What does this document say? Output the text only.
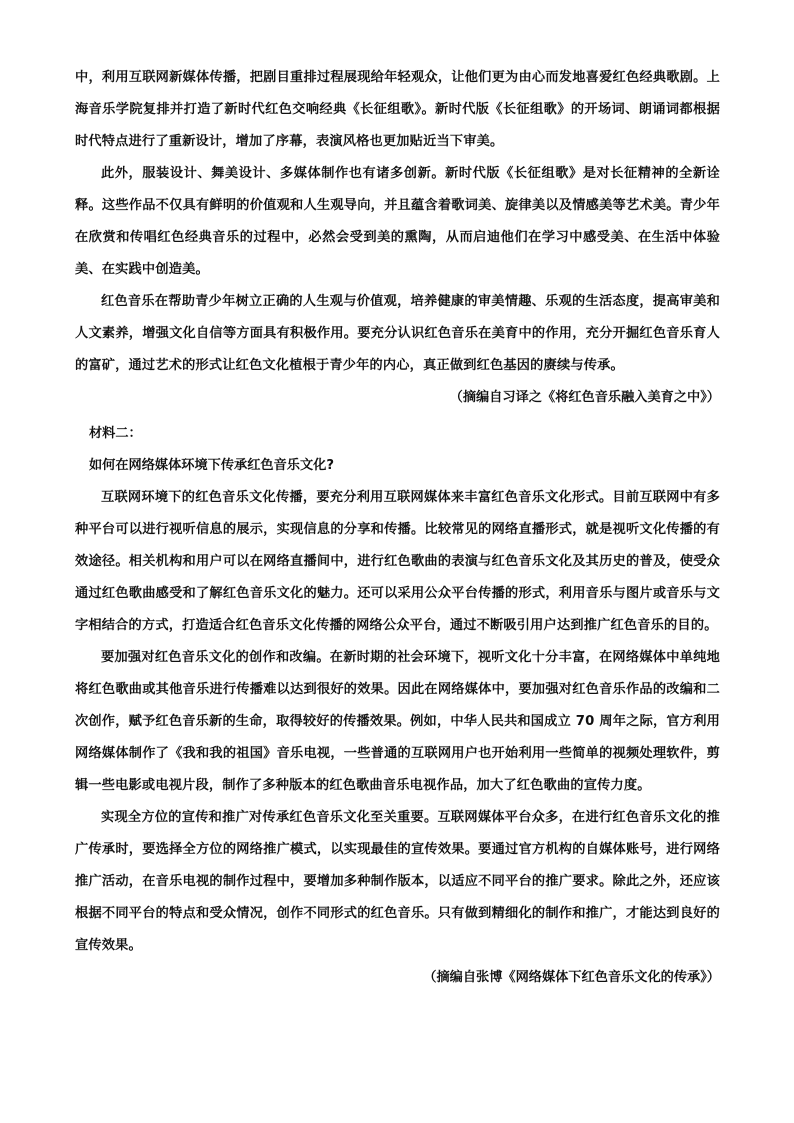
中，利用互联网新媒体传播，把剧目重排过程展现给年轻观众，让他们更为由心而发地喜爱红色经典歌剧。上海音乐学院复排并打造了新时代红色交响经典《长征组歌》。新时代版《长征组歌》的开场词、朗诵词都根据时代特点进行了重新设计，增加了序幕，表演风格也更加贴近当下审美。

此外，服装设计、舞美设计、多媒体制作也有诸多创新。新时代版《长征组歌》是对长征精神的全新诠释。这些作品不仅具有鲜明的价值观和人生观导向，并且蕴含着歌词美、旋律美以及情感美等艺术美。青少年在欣赏和传唱红色经典音乐的过程中，必然会受到美的熏陶，从而启迪他们在学习中感受美、在生活中体验美、在实践中创造美。

红色音乐在帮助青少年树立正确的人生观与价值观，培养健康的审美情趣、乐观的生活态度，提高审美和人文素养，增强文化自信等方面具有积极作用。要充分认识红色音乐在美育中的作用，充分开掘红色音乐育人的富矿，通过艺术的形式让红色文化植根于青少年的内心，真正做到红色基因的赓续与传承。

（摘编自习译之《将红色音乐融入美育之中》）

材料二：

如何在网络媒体环境下传承红色音乐文化?

互联网环境下的红色音乐文化传播，要充分利用互联网媒体来丰富红色音乐文化形式。目前互联网中有多种平台可以进行视听信息的展示，实现信息的分享和传播。比较常见的网络直播形式，就是视听文化传播的有效途径。相关机构和用户可以在网络直播间中，进行红色歌曲的表演与红色音乐文化及其历史的普及，使受众通过红色歌曲感受和了解红色音乐文化的魅力。还可以采用公众平台传播的形式，利用音乐与图片或音乐与文字相结合的方式，打造适合红色音乐文化传播的网络公众平台，通过不断吸引用户达到推广红色音乐的目的。

要加强对红色音乐文化的创作和改编。在新时期的社会环境下，视听文化十分丰富，在网络媒体中单纯地将红色歌曲或其他音乐进行传播难以达到很好的效果。因此在网络媒体中，要加强对红色音乐作品的改编和二次创作，赋予红色音乐新的生命，取得较好的传播效果。例如，中华人民共和国成立 70 周年之际，官方利用网络媒体制作了《我和我的祖国》音乐电视，一些普通的互联网用户也开始利用一些简单的视频处理软件，剪辑一些电影或电视片段，制作了多种版本的红色歌曲音乐电视作品，加大了红色歌曲的宣传力度。

实现全方位的宣传和推广对传承红色音乐文化至关重要。互联网媒体平台众多，在进行红色音乐文化的推广传承时，要选择全方位的网络推广模式，以实现最佳的宣传效果。要通过官方机构的自媒体账号，进行网络推广活动，在音乐电视的制作过程中，要增加多种制作版本，以适应不同平台的推广要求。除此之外，还应该根据不同平台的特点和受众情况，创作不同形式的红色音乐。只有做到精细化的制作和推广，才能达到良好的宣传效果。

（摘编自张博《网络媒体下红色音乐文化的传承》）
